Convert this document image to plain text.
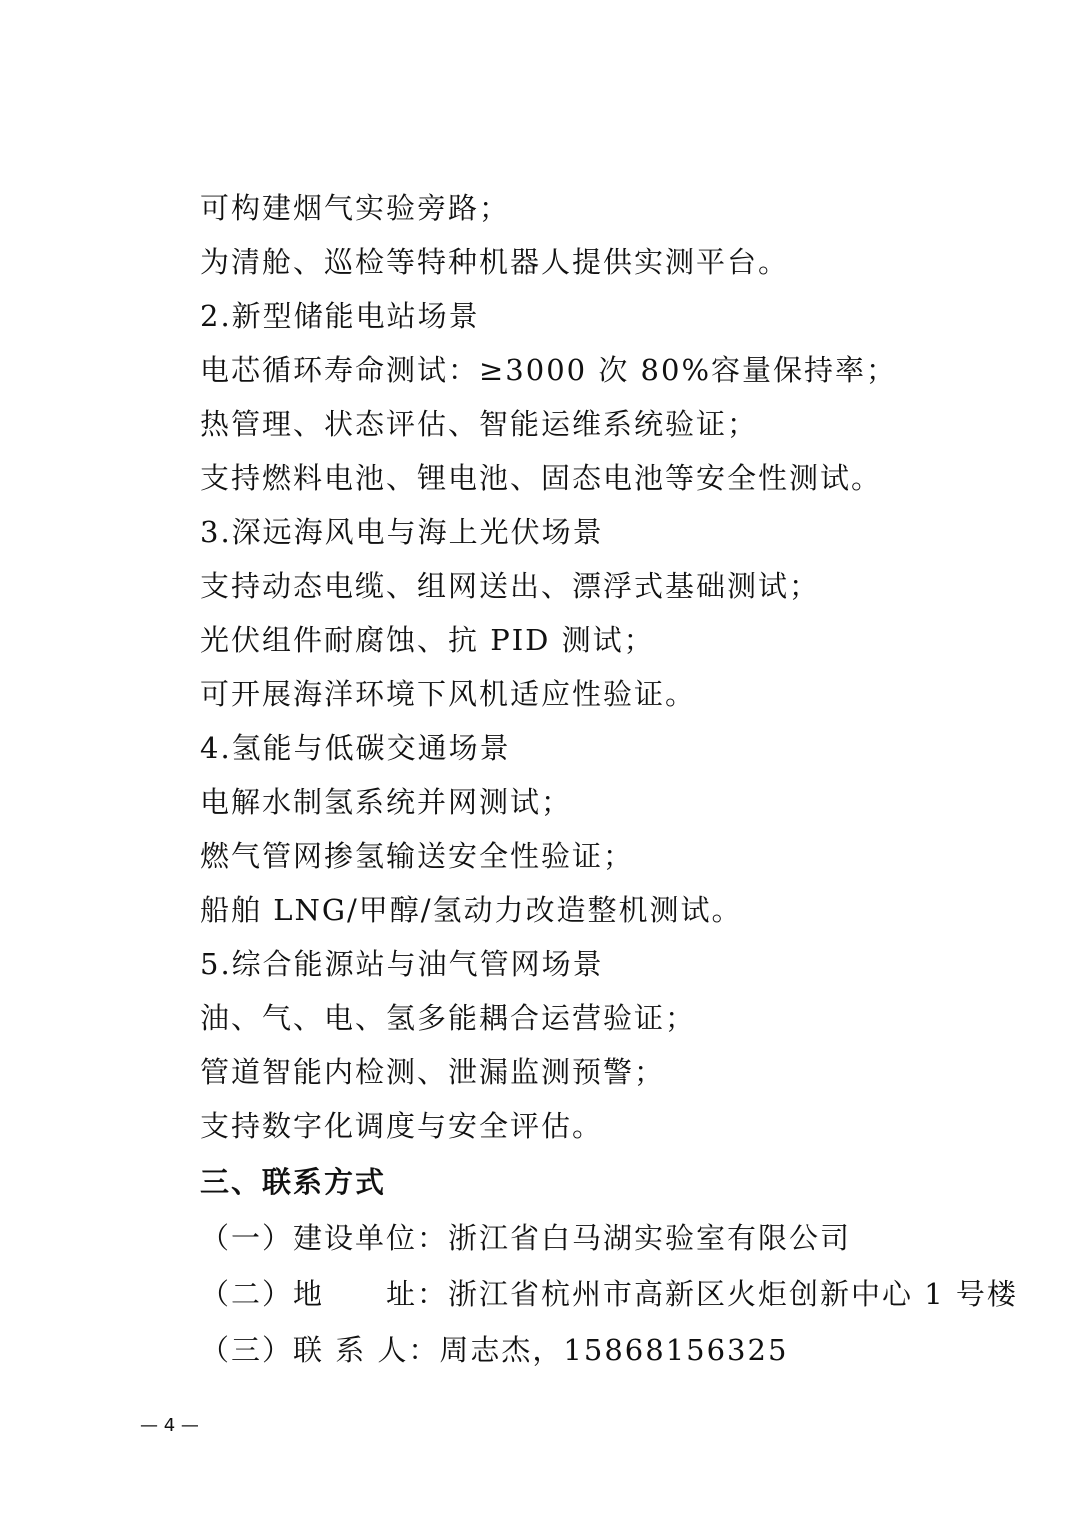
可构建烟气实验旁路；
为清舱、巡检等特种机器人提供实测平台。
2.新型储能电站场景
电芯循环寿命测试：≥3000 次 80%容量保持率；
热管理、状态评估、智能运维系统验证；
支持燃料电池、锂电池、固态电池等安全性测试。
3.深远海风电与海上光伏场景
支持动态电缆、组网送出、漂浮式基础测试；
光伏组件耐腐蚀、抗 PID 测试；
可开展海洋环境下风机适应性验证。
4.氢能与低碳交通场景
电解水制氢系统并网测试；
燃气管网掺氢输送安全性验证；
船舶 LNG/甲醇/氢动力改造整机测试。
5.综合能源站与油气管网场景
油、气、电、氢多能耦合运营验证；
管道智能内检测、泄漏监测预警；
支持数字化调度与安全评估。
三、联系方式
（一）建设单位：浙江省白马湖实验室有限公司
（二）地　　址：浙江省杭州市高新区火炬创新中心 1 号楼
（三）联 系 人：周志杰，15868156325
— 4 —
